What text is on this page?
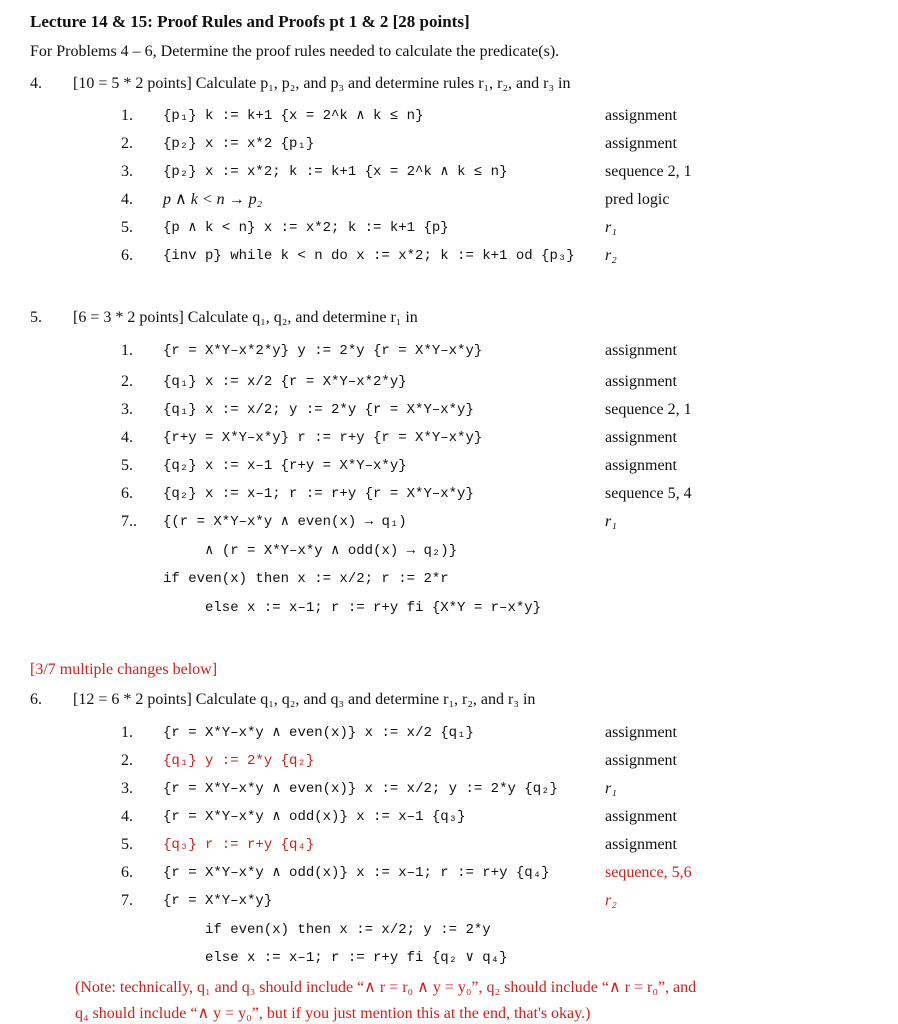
Lecture 14 & 15: Proof Rules and Proofs pt 1 & 2 [28 points]
For Problems 4 – 6, Determine the proof rules needed to calculate the predicate(s).
4. [10 = 5 * 2 points] Calculate p₁, p₂, and p₃ and determine rules r₁, r₂, and r₃ in
1. {p₁} k := k+1 {x = 2^k ∧ k ≤ n}	assignment
2. {p₂} x := x*2 {p₁}	assignment
3. {p₂} x := x*2; k := k+1 {x = 2^k ∧ k ≤ n}	sequence 2, 1
4. p ∧ k < n → p₂	pred logic
5. {p ∧ k < n} x := x*2; k := k+1 {p}	r₁
6. {inv p} while k < n do x := x*2; k := k+1 od {p₃} r₂
5. [6 = 3 * 2 points] Calculate q₁, q₂, and determine r₁ in
1. {r = X*Y–x*2*y} y := 2*y {r = X*Y–x*y}	assignment
2. {q₁} x := x/2 {r = X*Y–x*2*y}	assignment
3. {q₁} x := x/2; y := 2*y {r = X*Y–x*y}	sequence 2, 1
4. {r+y = X*Y–x*y} r := r+y {r = X*Y–x*y}	assignment
5. {q₂} x := x–1 {r+y = X*Y–x*y}	assignment
6. {q₂} x := x–1; r := r+y {r = X*Y–x*y}	sequence 5, 4
7.. {(r = X*Y–x*y ∧ even(x) → q₁)	r₁
∧ (r = X*Y–x*y ∧ odd(x) → q₂)}
if even(x) then x := x/2; r := 2*r
else x := x–1; r := r+y fi {X*Y = r–x*y}
[3/7 multiple changes below]
6. [12 = 6 * 2 points] Calculate q₁, q₂, and q₃ and determine r₁, r₂, and r₃ in
1. {r = X*Y–x*y ∧ even(x)} x := x/2 {q₁}	assignment
2. {q₁} y := 2*y {q₂}	assignment
3. {r = X*Y–x*y ∧ even(x)} x := x/2; y := 2*y {q₂}	r₁
4. {r = X*Y–x*y ∧ odd(x)} x := x–1 {q₃}	assignment
5. {q₃} r := r+y {q₄}	assignment
6. {r = X*Y–x*y ∧ odd(x)} x := x–1; r := r+y {q₄}	sequence, 5,6
7. {r = X*Y–x*y}	r₂
if even(x) then x := x/2; y := 2*y
else x := x–1; r := r+y fi {q₂ ∨ q₄}
(Note: technically, q₁ and q₃ should include “∧ r = r₀ ∧ y = y₀”, q₂ should include “∧ r = r₀”, and
q₄ should include “∧ y = y₀”, but if you just mention this at the end, that's okay.)
